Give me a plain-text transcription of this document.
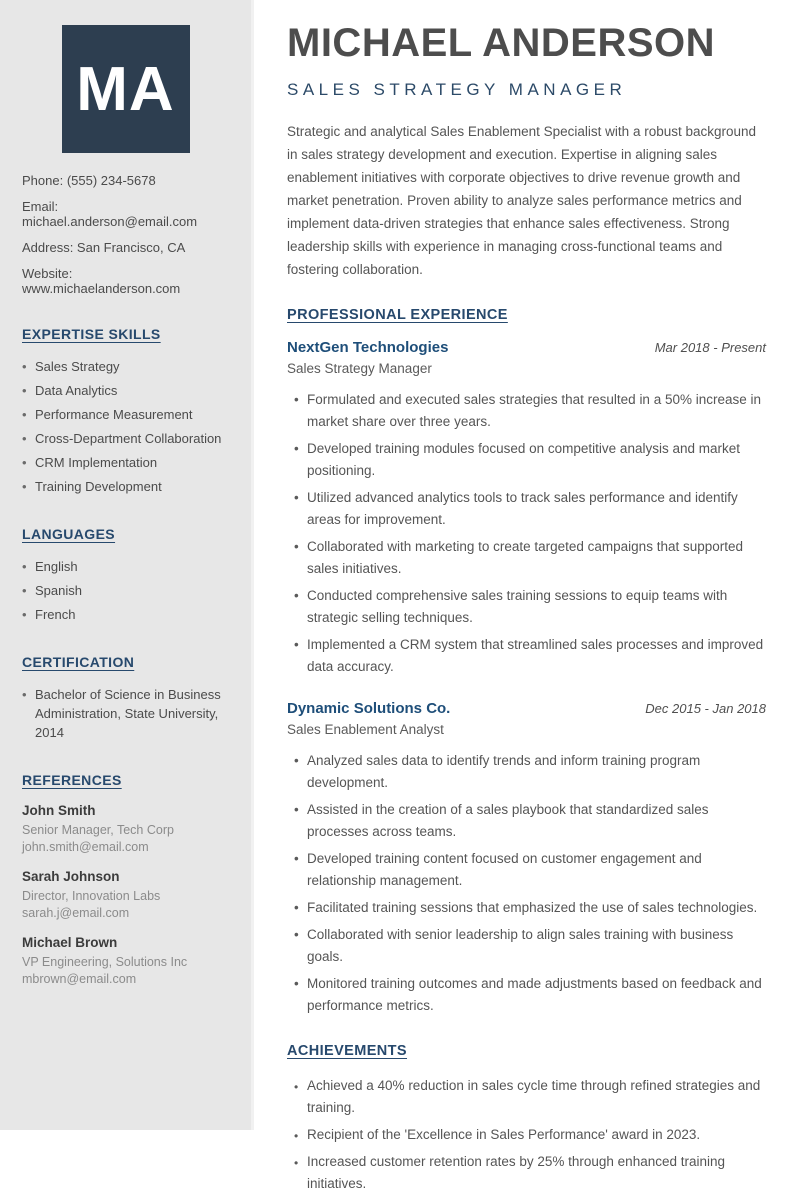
MA
Phone: (555) 234-5678
Email: michael.anderson@email.com
Address: San Francisco, CA
Website: www.michaelanderson.com
EXPERTISE SKILLS
• Sales Strategy
• Data Analytics
• Performance Measurement
• Cross-Department Collaboration
• CRM Implementation
• Training Development
LANGUAGES
• English
• Spanish
• French
CERTIFICATION
• Bachelor of Science in Business Administration, State University, 2014
REFERENCES
John Smith
Senior Manager, Tech Corp
john.smith@email.com
Sarah Johnson
Director, Innovation Labs
sarah.j@email.com
Michael Brown
VP Engineering, Solutions Inc
mbrown@email.com
MICHAEL ANDERSON
SALES STRATEGY MANAGER

Strategic and analytical Sales Enablement Specialist with a robust background in sales strategy development and execution. Expertise in aligning sales enablement initiatives with corporate objectives to drive revenue growth and market penetration. Proven ability to analyze sales performance metrics and implement data-driven strategies that enhance sales effectiveness. Strong leadership skills with experience in managing cross-functional teams and fostering collaboration.

PROFESSIONAL EXPERIENCE
NextGen Technologies	Mar 2018 - Present
Sales Strategy Manager
• Formulated and executed sales strategies that resulted in a 50% increase in market share over three years.
• Developed training modules focused on competitive analysis and market positioning.
• Utilized advanced analytics tools to track sales performance and identify areas for improvement.
• Collaborated with marketing to create targeted campaigns that supported sales initiatives.
• Conducted comprehensive sales training sessions to equip teams with strategic selling techniques.
• Implemented a CRM system that streamlined sales processes and improved data accuracy.
Dynamic Solutions Co.	Dec 2015 - Jan 2018
Sales Enablement Analyst
• Analyzed sales data to identify trends and inform training program development.
• Assisted in the creation of a sales playbook that standardized sales processes across teams.
• Developed training content focused on customer engagement and relationship management.
• Facilitated training sessions that emphasized the use of sales technologies.
• Collaborated with senior leadership to align sales training with business goals.
• Monitored training outcomes and made adjustments based on feedback and performance metrics.
ACHIEVEMENTS
• Achieved a 40% reduction in sales cycle time through refined strategies and training.
• Recipient of the 'Excellence in Sales Performance' award in 2023.
• Increased customer retention rates by 25% through enhanced training initiatives.
